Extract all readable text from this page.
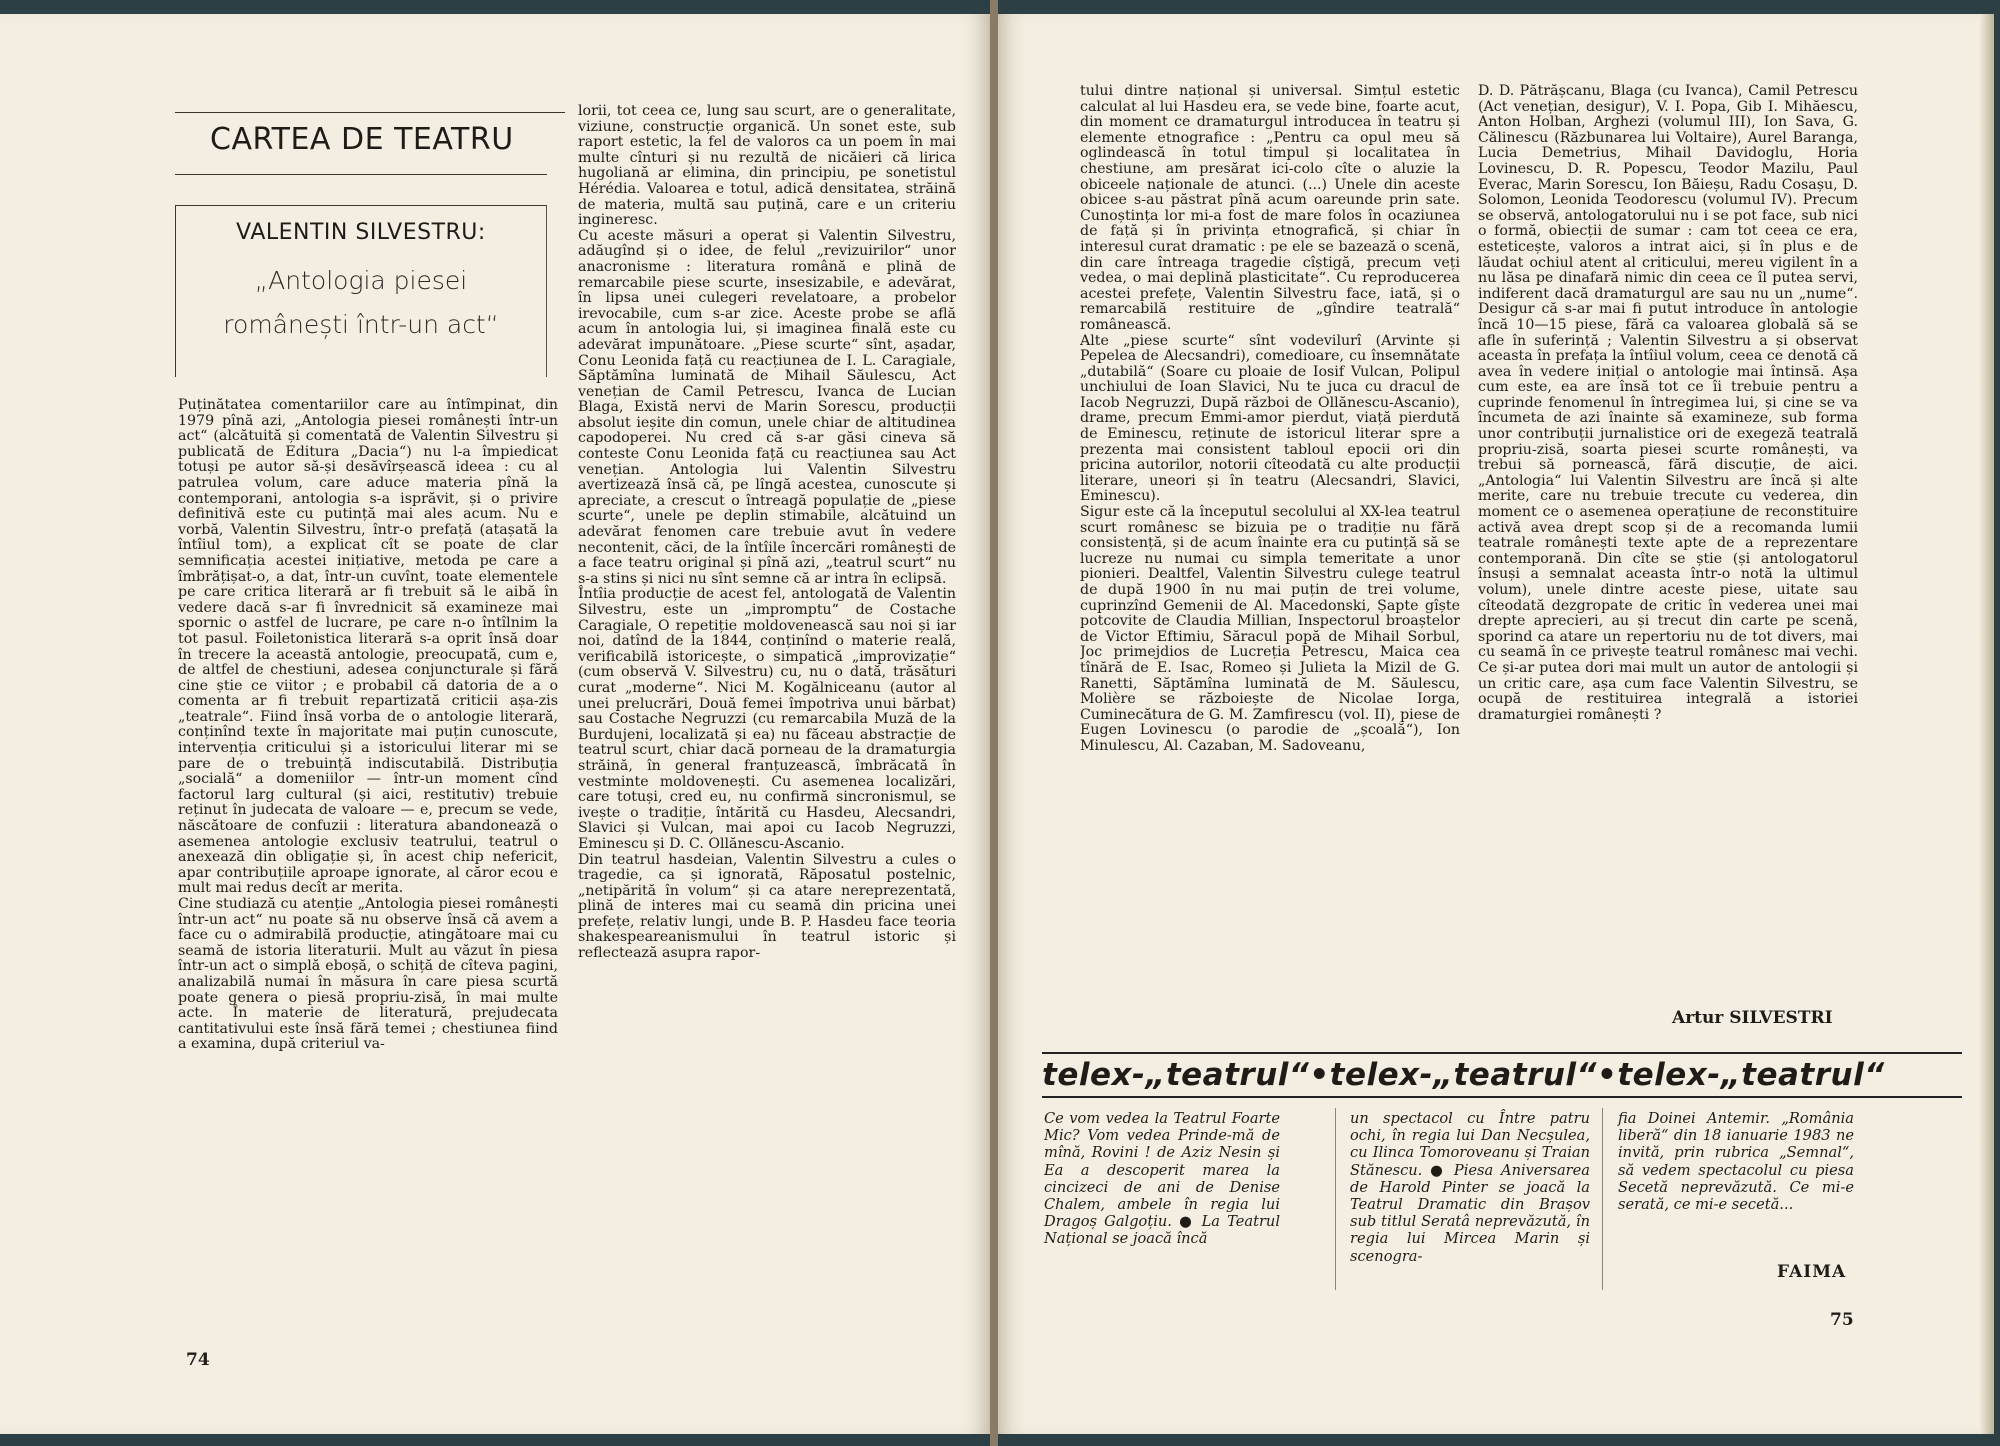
CARTEA DE TEATRU
VALENTIN SILVESTRU:
„Antologia piesei
românești într-un act“
Puținătatea comentariilor care au întîmpinat, din 1979 pînă azi, „Antologia piesei românești într-un act“ (alcătuită și comentată de Valentin Silvestru și publicată de Editura „Dacia“) nu l-a împiedicat totuși pe autor să-și desăvîrșească ideea : cu al patrulea volum, care aduce materia pînă la contemporani, antologia s-a isprăvit, și o privire definitivă este cu putință mai ales acum. Nu e vorbă, Valentin Silvestru, într-o prefață (atașată la întîiul tom), a explicat cît se poate de clar semnificația acestei inițiative, metoda pe care a îmbrățișat-o, a dat, într-un cuvînt, toate elementele pe care critica literară ar fi trebuit să le aibă în vedere dacă s-ar fi învrednicit să examineze mai spornic o astfel de lucrare, pe care n-o întîlnim la tot pasul. Foiletonistica literară s-a oprit însă doar în trecere la această antologie, preocupată, cum e, de altfel de chestiuni, adesea conjuncturale și fără cine știe ce viitor ; e probabil că datoria de a o comenta ar fi trebuit repartizată criticii așa-zis „teatrale“. Fiind însă vorba de o antologie literară, conținînd texte în majoritate mai puțin cunoscute, intervenția criticului și a istoricului literar mi se pare de o trebuință indiscutabilă. Distribuția „socială“ a domeniilor — într-un moment cînd factorul larg cultural (și aici, restitutiv) trebuie reținut în judecata de valoare — e, precum se vede, născătoare de confuzii : literatura abandonează o asemenea antologie exclusiv teatrului, teatrul o anexează din obligație și, în acest chip nefericit, apar contribuțiile aproape ignorate, al căror ecou e mult mai redus decît ar merita.
Cine studiază cu atenție „Antologia piesei românești într-un act“ nu poate să nu observe însă că avem a face cu o admirabilă producție, atingătoare mai cu seamă de istoria literaturii. Mult au văzut în piesa într-un act o simplă eboșă, o schiță de cîteva pagini, analizabilă numai în măsura în care piesa scurtă poate genera o piesă propriu-zisă, în mai multe acte. În materie de literatură, prejudecata cantitativului este însă fără temei ; chestiunea fiind a examina, după criteriul va-
lorii, tot ceea ce, lung sau scurt, are o generalitate, viziune, construcție organică. Un sonet este, sub raport estetic, la fel de valoros ca un poem în mai multe cînturi și nu rezultă de nicăieri că lirica hugoliană ar elimina, din principiu, pe sonetistul Hérédia. Valoarea e totul, adică densitatea, străină de materia, multă sau puțină, care e un criteriu ingineresc.
Cu aceste măsuri a operat și Valentin Silvestru, adăugînd și o idee, de felul „revizuirilor“ unor anacronisme : literatura română e plină de remarcabile piese scurte, insesizabile, e adevărat, în lipsa unei culegeri revelatoare, a probelor irevocabile, cum s-ar zice. Aceste probe se află acum în antologia lui, și imaginea finală este cu adevărat impunătoare. „Piese scurte“ sînt, așadar, Conu Leonida față cu reacțiunea de I. L. Caragiale, Săptămîna luminată de Mihail Săulescu, Act venețian de Camil Petrescu, Ivanca de Lucian Blaga, Există nervi de Marin Sorescu, producții absolut ieșite din comun, unele chiar de altitudinea capodoperei. Nu cred că s-ar găsi cineva să conteste Conu Leonida față cu reacțiunea sau Act venețian. Antologia lui Valentin Silvestru avertizează însă că, pe lîngă acestea, cunoscute și apreciate, a crescut o întreagă populație de „piese scurte“, unele pe deplin stimabile, alcătuind un adevărat fenomen care trebuie avut în vedere necontenit, căci, de la întîile încercări românești de a face teatru original și pînă azi, „teatrul scurt“ nu s-a stins și nici nu sînt semne că ar intra în eclipsă.
Întîia producție de acest fel, antologată de Valentin Silvestru, este un „impromptu“ de Costache Caragiale, O repetiție moldovenească sau noi și iar noi, datînd de la 1844, conținînd o materie reală, verificabilă istoricește, o simpatică „improvizație“ (cum observă V. Silvestru) cu, nu o dată, trăsături curat „moderne“. Nici M. Kogălniceanu (autor al unei prelucrări, Două femei împotriva unui bărbat) sau Costache Negruzzi (cu remarcabila Muză de la Burdujeni, localizată și ea) nu făceau abstracție de teatrul scurt, chiar dacă porneau de la dramaturgia străină, în general franțuzească, îmbrăcată în vestminte moldovenești. Cu asemenea localizări, care totuși, cred eu, nu confirmă sincronismul, se ivește o tradiție, întărită cu Hasdeu, Alecsandri, Slavici și Vulcan, mai apoi cu Iacob Negruzzi, Eminescu și D. C. Ollănescu-Ascanio.
Din teatrul hasdeian, Valentin Silvestru a cules o tragedie, ca și ignorată, Răposatul postelnic, „netipărită în volum“ și ca atare nereprezentată, plină de interes mai cu seamă din pricina unei prefețe, relativ lungi, unde B. P. Hasdeu face teoria shakespeareanismului în teatrul istoric și reflectează asupra rapor-
74
tului dintre național și universal. Simțul estetic calculat al lui Hasdeu era, se vede bine, foarte acut, din moment ce dramaturgul introducea în teatru și elemente etnografice : „Pentru ca opul meu să oglindească în totul timpul și localitatea în chestiune, am presărat ici-colo cîte o aluzie la obiceele naționale de atunci. (...) Unele din aceste obicee s-au păstrat pînă acum oareunde prin sate. Cunoștința lor mi-a fost de mare folos în ocaziunea de față și în privința etnografică, și chiar în interesul curat dramatic : pe ele se bazează o scenă, din care întreaga tragedie cîștigă, precum veți vedea, o mai deplină plasticitate“. Cu reproducerea acestei prefețe, Valentin Silvestru face, iată, și o remarcabilă restituire de „gîndire teatrală“ românească.
Alte „piese scurte“ sînt vodevilurî (Arvinte și Pepelea de Alecsandri), comedioare, cu însemnătate „dutabilă“ (Soare cu ploaie de Iosif Vulcan, Polipul unchiului de Ioan Slavici, Nu te juca cu dracul de Iacob Negruzzi, După război de Ollănescu-Ascanio), drame, precum Emmi-amor pierdut, viață pierdută de Eminescu, reținute de istoricul literar spre a prezenta mai consistent tabloul epocii ori din pricina autorilor, notorii cîteodată cu alte producții literare, uneori și în teatru (Alecsandri, Slavici, Eminescu).
Sigur este că la începutul secolului al XX-lea teatrul scurt românesc se bizuia pe o tradiție nu fără consistență, și de acum înainte era cu putință să se lucreze nu numai cu simpla temeritate a unor pionieri. Dealtfel, Valentin Silvestru culege teatrul de după 1900 în nu mai puțin de trei volume, cuprinzînd Gemenii de Al. Macedonski, Șapte gîște potcovite de Claudia Millian, Inspectorul broaștelor de Victor Eftimiu, Săracul popă de Mihail Sorbul, Joc primejdios de Lucreția Petrescu, Maica cea tînără de E. Isac, Romeo și Julieta la Mizil de G. Ranetti, Săptămîna luminată de M. Săulescu, Molière se războiește de Nicolae Iorga, Cuminecătura de G. M. Zamfirescu (vol. II), piese de Eugen Lovinescu (o parodie de „școală“), Ion Minulescu, Al. Cazaban, M. Sadoveanu,
D. D. Pătrășcanu, Blaga (cu Ivanca), Camil Petrescu (Act venețian, desigur), V. I. Popa, Gib I. Mihăescu, Anton Holban, Arghezi (volumul III), Ion Sava, G. Călinescu (Răzbunarea lui Voltaire), Aurel Baranga, Lucia Demetrius, Mihail Davidoglu, Horia Lovinescu, D. R. Popescu, Teodor Mazilu, Paul Everac, Marin Sorescu, Ion Băieșu, Radu Cosașu, D. Solomon, Leonida Teodorescu (volumul IV). Precum se observă, antologatorului nu i se pot face, sub nici o formă, obiecții de sumar : cam tot ceea ce era, esteticește, valoros a intrat aici, și în plus e de lăudat ochiul atent al criticului, mereu vigilent în a nu lăsa pe dinafară nimic din ceea ce îl putea servi, indiferent dacă dramaturgul are sau nu un „nume“. Desigur că s-ar mai fi putut introduce în antologie încă 10—15 piese, fără ca valoarea globală să se afle în suferință ; Valentin Silvestru a și observat aceasta în prefața la întîiul volum, ceea ce denotă că avea în vedere inițial o antologie mai întinsă. Așa cum este, ea are însă tot ce îi trebuie pentru a cuprinde fenomenul în întregimea lui, și cine se va încumeta de azi înainte să examineze, sub forma unor contribuții jurnalistice ori de exegeză teatrală propriu-zisă, soarta piesei scurte românești, va trebui să pornească, fără discuție, de aici. „Antologia“ lui Valentin Silvestru are încă și alte merite, care nu trebuie trecute cu vederea, din moment ce o asemenea operațiune de reconstituire activă avea drept scop și de a recomanda lumii teatrale românești texte apte de a reprezentare contemporană. Din cîte se știe (și antologatorul însuși a semnalat aceasta într-o notă la ultimul volum), unele dintre aceste piese, uitate sau cîteodată dezgropate de critic în vederea unei mai drepte aprecieri, au și trecut din carte pe scenă, sporind ca atare un repertoriu nu de tot divers, mai cu seamă în ce privește teatrul românesc mai vechi. Ce și-ar putea dori mai mult un autor de antologii și un critic care, așa cum face Valentin Silvestru, se ocupă de restituirea integrală a istoriei dramaturgiei românești ?
Artur SILVESTRI
telex-„teatrul“•telex-„teatrul“•telex-„teatrul“
Ce vom vedea la Teatrul Foarte Mic? Vom vedea Prinde-mă de mînă, Rovini ! de Aziz Nesin și Ea a descoperit marea la cincizeci de ani de Denise Chalem, ambele în regia lui Dragoș Galgoțiu. ● La Teatrul Național se joacă încă
un spectacol cu Între patru ochi, în regia lui Dan Necșulea, cu Ilinca Tomoroveanu și Traian Stănescu. ● Piesa Aniversarea de Harold Pinter se joacă la Teatrul Dramatic din Brașov sub titlul Seratâ neprevăzută, în regia lui Mircea Marin și scenogra-
fia Doinei Antemir. „România liberă“ din 18 ianuarie 1983 ne invită, prin rubrica „Semnal“, să vedem spectacolul cu piesa Secetă neprevăzută. Ce mi-e serată, ce mi-e secetă...
FAIMA
75
